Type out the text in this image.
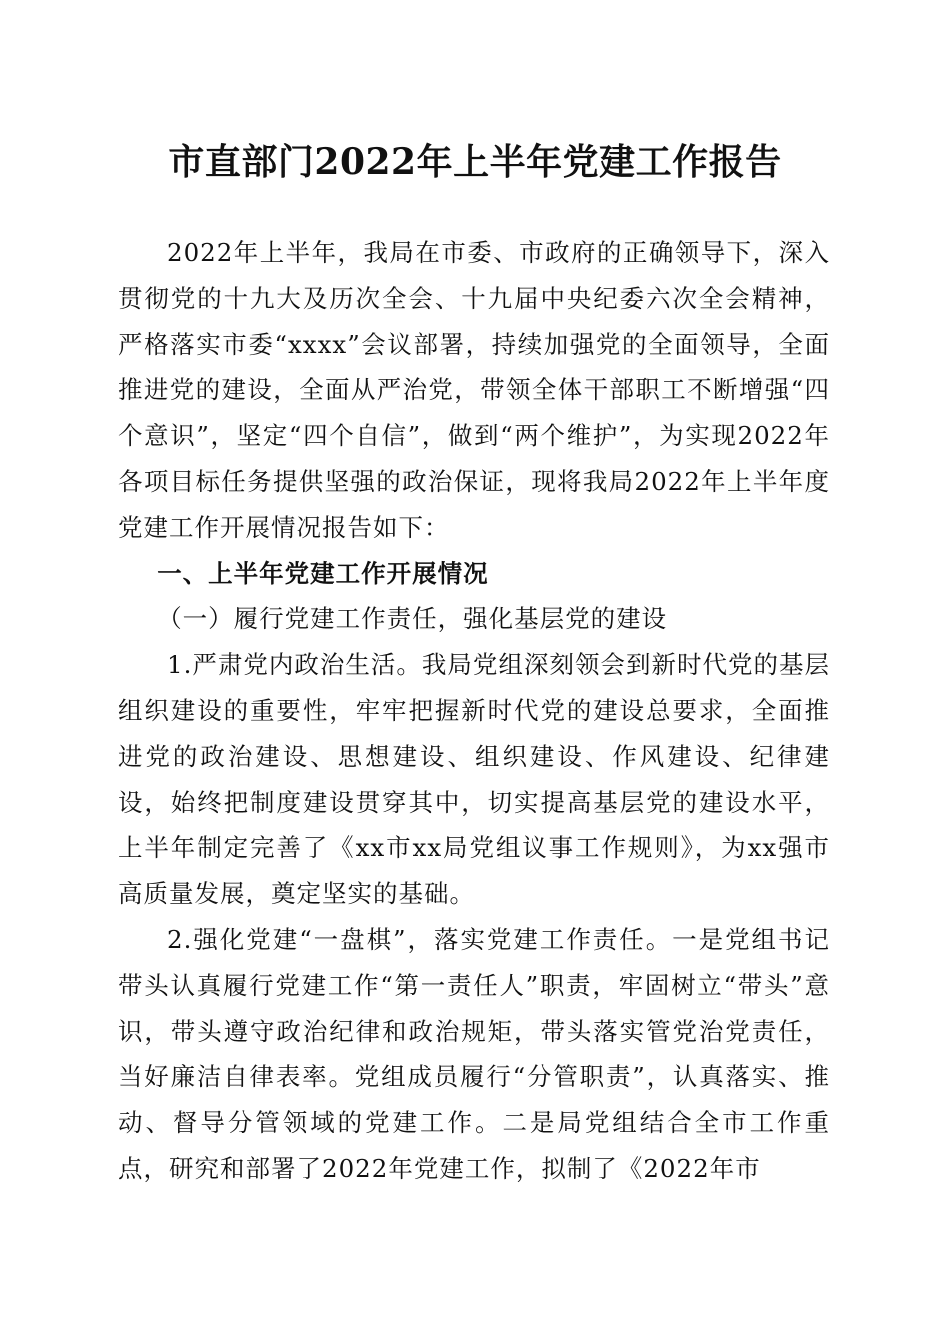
市直部门2022年上半年党建工作报告

2022年上半年，我局在市委、市政府的正确领导下，深入贯彻党的十九大及历次全会、十九届中央纪委六次全会精神，严格落实市委“xxxx”会议部署，持续加强党的全面领导，全面推进党的建设，全面从严治党，带领全体干部职工不断增强“四个意识”，坚定“四个自信”，做到“两个维护”，为实现2022年各项目标任务提供坚强的政治保证，现将我局2022年上半年度党建工作开展情况报告如下：

一、上半年党建工作开展情况

（一）履行党建工作责任，强化基层党的建设

1.严肃党内政治生活。我局党组深刻领会到新时代党的基层组织建设的重要性，牢牢把握新时代党的建设总要求，全面推进党的政治建设、思想建设、组织建设、作风建设、纪律建设，始终把制度建设贯穿其中，切实提高基层党的建设水平，上半年制定完善了《xx市xx局党组议事工作规则》，为xx强市高质量发展，奠定坚实的基础。

2.强化党建“一盘棋”，落实党建工作责任。一是党组书记带头认真履行党建工作“第一责任人”职责，牢固树立“带头”意识，带头遵守政治纪律和政治规矩，带头落实管党治党责任，当好廉洁自律表率。党组成员履行“分管职责”，认真落实、推动、督导分管领域的党建工作。二是局党组结合全市工作重点，研究和部署了2022年党建工作，拟制了《2022年市
